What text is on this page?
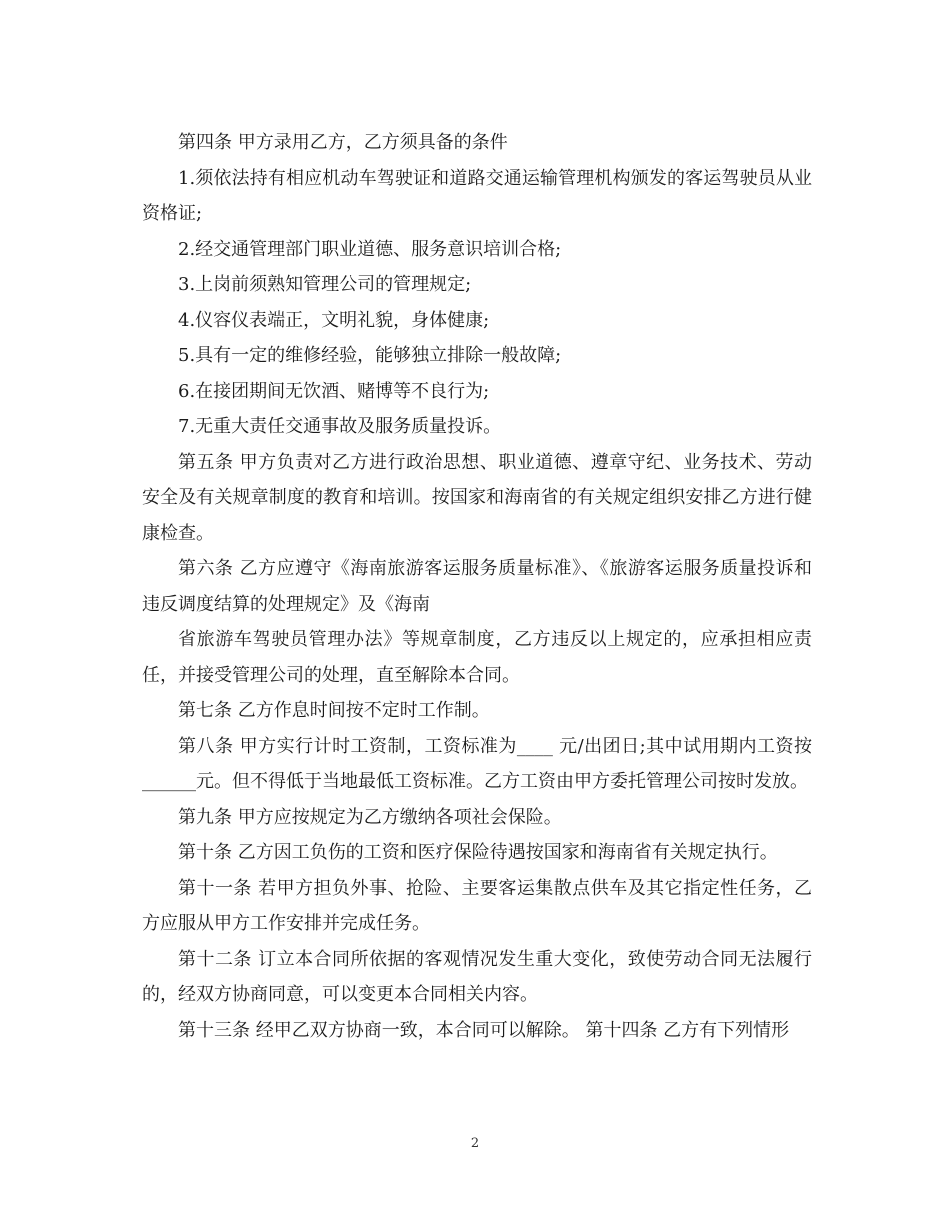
第四条 甲方录用乙方，乙方须具备的条件

1.须依法持有相应机动车驾驶证和道路交通运输管理机构颁发的客运驾驶员从业资格证;

2.经交通管理部门职业道德、服务意识培训合格;

3.上岗前须熟知管理公司的管理规定;

4.仪容仪表端正，文明礼貌，身体健康;

5.具有一定的维修经验，能够独立排除一般故障;

6.在接团期间无饮酒、赌博等不良行为;

7.无重大责任交通事故及服务质量投诉。

第五条 甲方负责对乙方进行政治思想、职业道德、遵章守纪、业务技术、劳动安全及有关规章制度的教育和培训。按国家和海南省的有关规定组织安排乙方进行健康检查。

第六条 乙方应遵守《海南旅游客运服务质量标准》、《旅游客运服务质量投诉和违反调度结算的处理规定》及《海南

省旅游车驾驶员管理办法》等规章制度，乙方违反以上规定的，应承担相应责任，并接受管理公司的处理，直至解除本合同。

第七条 乙方作息时间按不定时工作制。

第八条 甲方实行计时工资制，工资标准为____ 元/出团日;其中试用期内工资按______元。但不得低于当地最低工资标准。乙方工资由甲方委托管理公司按时发放。

第九条 甲方应按规定为乙方缴纳各项社会保险。

第十条 乙方因工负伤的工资和医疗保险待遇按国家和海南省有关规定执行。

第十一条 若甲方担负外事、抢险、主要客运集散点供车及其它指定性任务，乙方应服从甲方工作安排并完成任务。

第十二条 订立本合同所依据的客观情况发生重大变化，致使劳动合同无法履行的，经双方协商同意，可以变更本合同相关内容。

第十三条 经甲乙双方协商一致，本合同可以解除。 第十四条 乙方有下列情形

2
